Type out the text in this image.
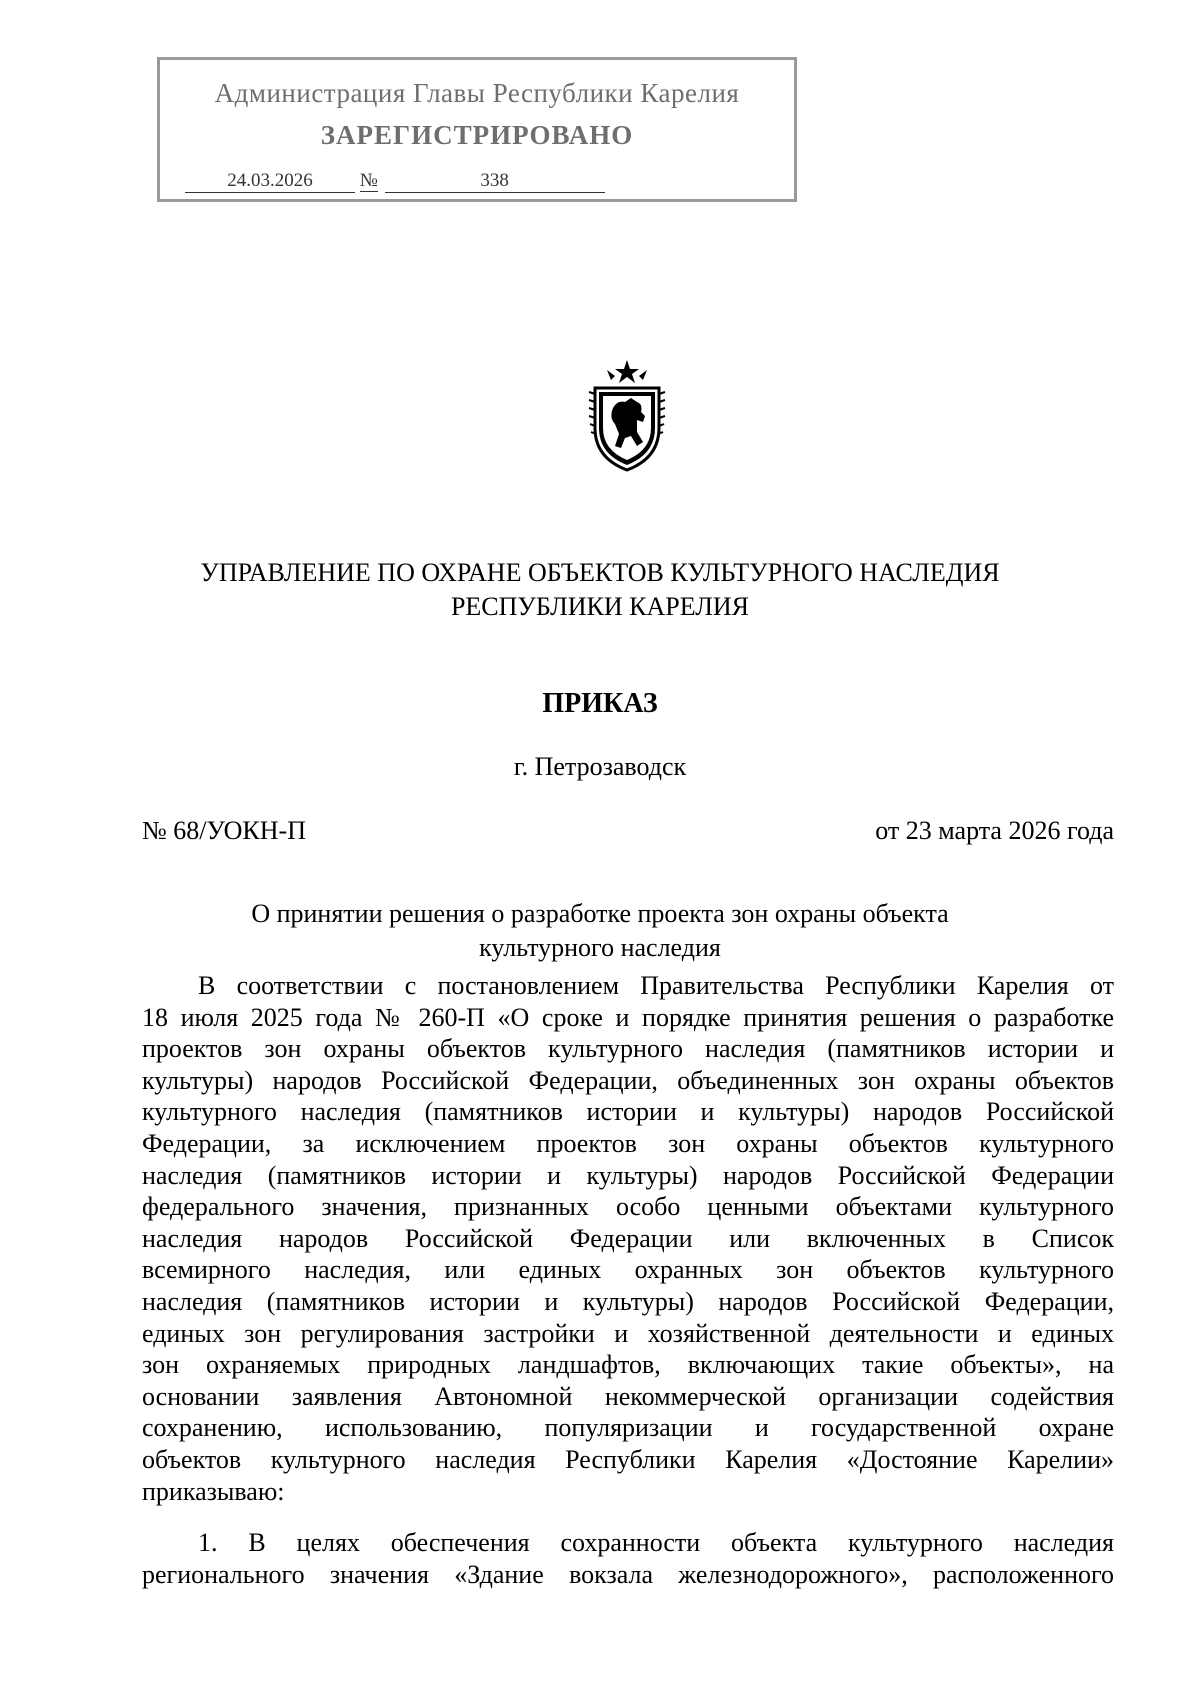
Администрация Главы Республики Карелия
ЗАРЕГИСТРИРОВАНО
24.03.2026 №	338
УПРАВЛЕНИЕ ПО ОХРАНЕ ОБЪЕКТОВ КУЛЬТУРНОГО НАСЛЕДИЯ
РЕСПУБЛИКИ КАРЕЛИЯ
ПРИКАЗ
г. Петрозаводск
№ 68/УОКН-П	от 23 марта 2026 года
О принятии решения о разработке проекта зон охраны объекта
культурного наследия
В соответствии с постановлением Правительства Республики Карелия от
18 июля 2025 года № 260-П «О сроке и порядке принятия решения о разработке
проектов зон охраны объектов культурного наследия (памятников истории и
культуры) народов Российской Федерации, объединенных зон охраны объектов
культурного наследия (памятников истории и культуры) народов Российской
Федерации, за исключением проектов зон охраны объектов культурного
наследия (памятников истории и культуры) народов Российской Федерации
федерального значения, признанных особо ценными объектами культурного
наследия народов Российской Федерации или включенных в Список
всемирного наследия, или единых охранных зон объектов культурного
наследия (памятников истории и культуры) народов Российской Федерации,
единых зон регулирования застройки и хозяйственной деятельности и единых
зон охраняемых природных ландшафтов, включающих такие объекты», на
основании заявления Автономной некоммерческой организации содействия
сохранению, использованию, популяризации и государственной охране
объектов культурного наследия Республики Карелия «Достояние Карелии»
приказываю:
1. В целях обеспечения сохранности объекта культурного наследия
регионального значения «Здание вокзала железнодорожного», расположенного
